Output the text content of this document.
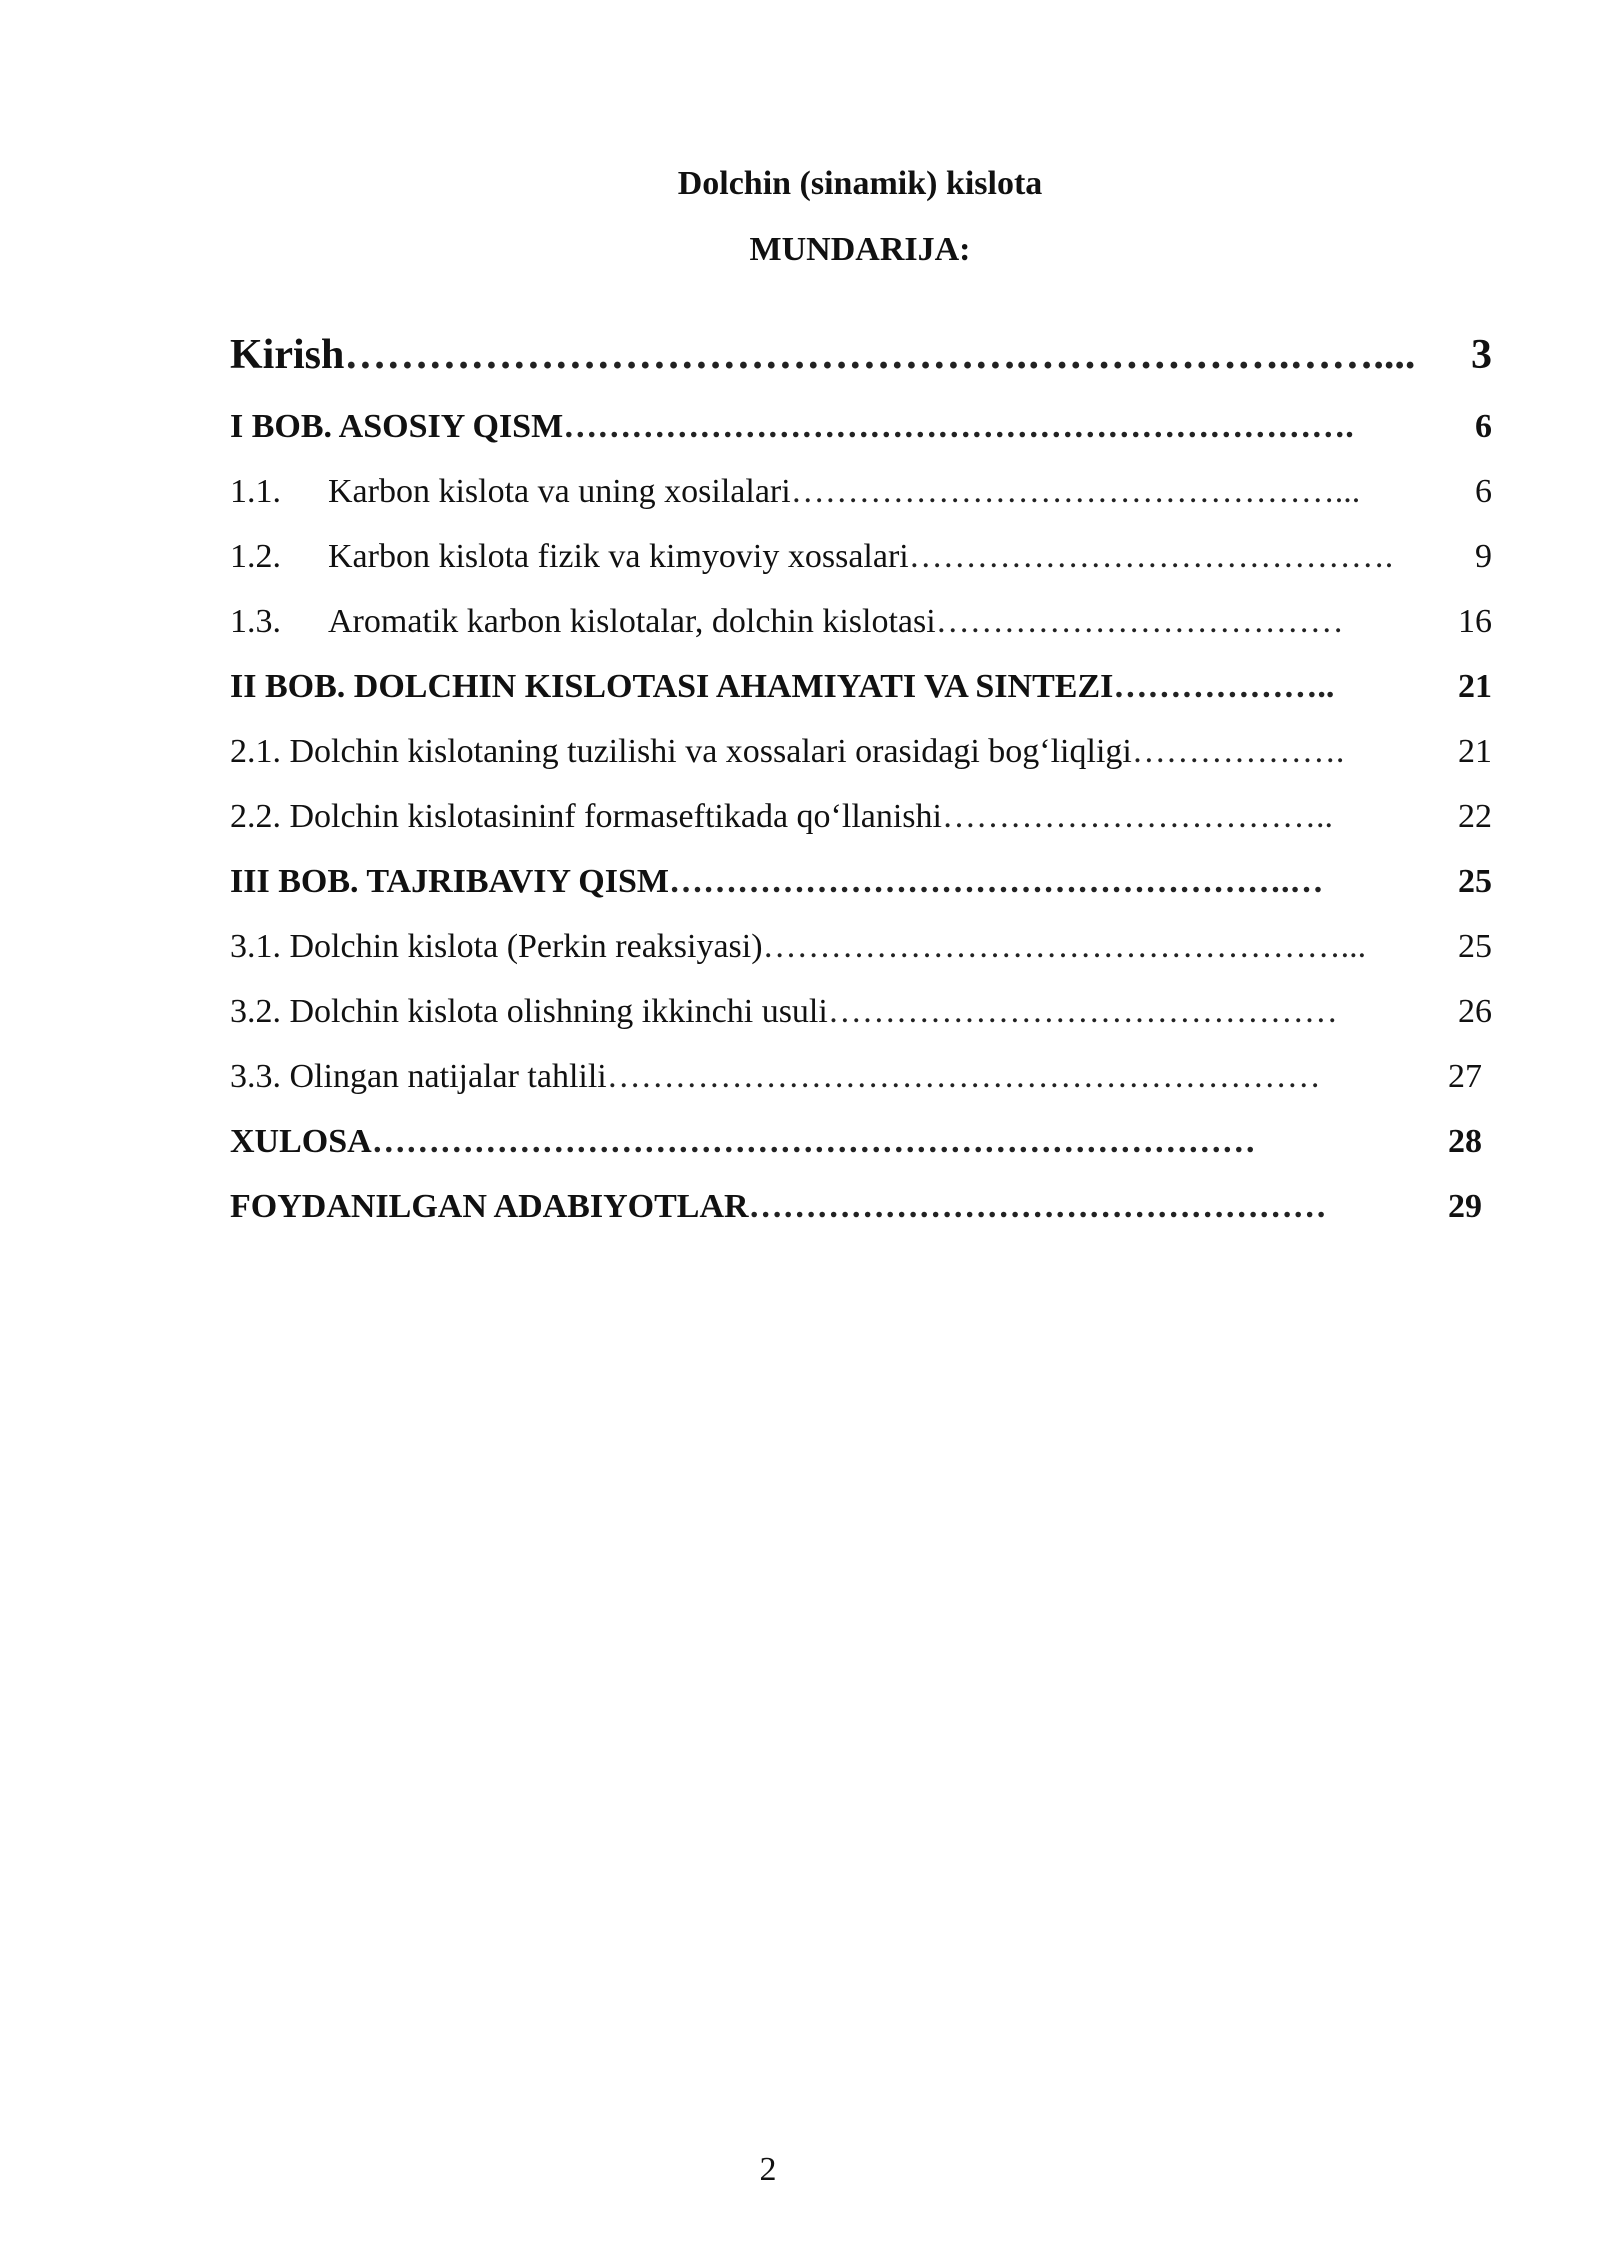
Dolchin (sinamik) kislota
MUNDARIJA:
Kirish………………………………………….……………….…….... 3
I BOB. ASOSIY QISM…………………………………………………………….	6
1.1. Karbon kislota va uning xosilalari…………………………………………...	6
1.2. Karbon kislota fizik va kimyoviy xossalari……………………………………. 9
1.3. Aromatik karbon kislotalar, dolchin kislotasi………………………………	16
II BOB. DOLCHIN KISLOTASI AHAMIYATI VA SINTEZI………………..	21
2.1. Dolchin kislotaning tuzilishi va xossalari orasidagi bog‘liqligi……………….	21
2.2. Dolchin kislotasininf formaseftikada qo‘llanishi……………………………..	22
III BOB. TAJRIBAVIY QISM……………………………………………….…	25
3.1. Dolchin kislota (Perkin reaksiyasi)……………………………………………...	25
3.2. Dolchin kislota olishning ikkinchi usuli………………………………………	26
3.3. Olingan natijalar tahlili………………………………………………………	27
XULOSA……………………………………………………………………	28
FOYDANILGAN ADABIYOTLAR……………………………………………	29
2
